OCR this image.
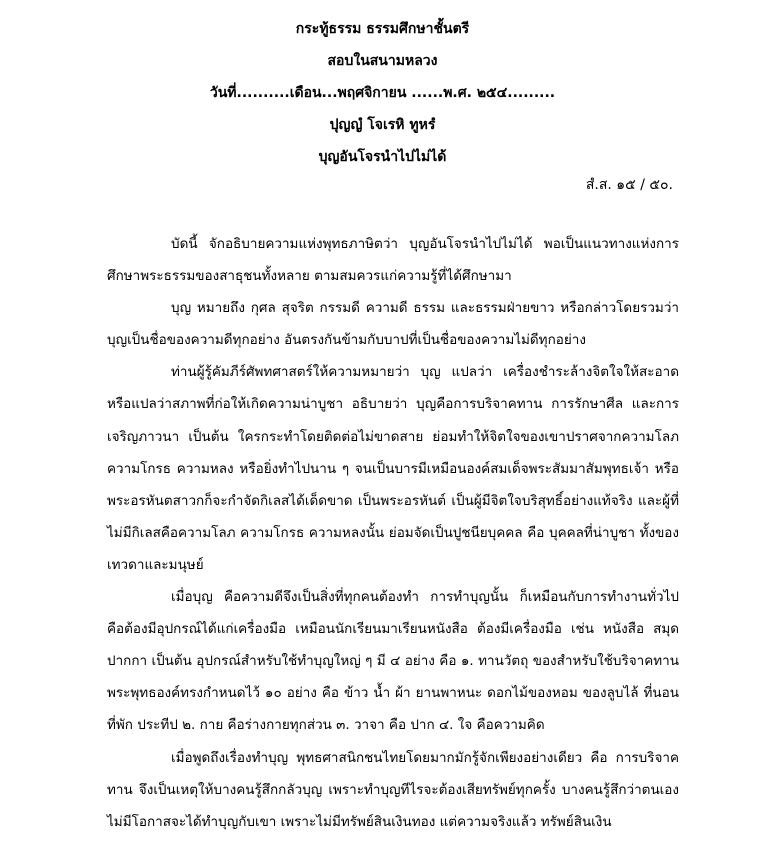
กระทู้ธรรม ธรรมศึกษาชั้นตรี
สอบในสนามหลวง
วันที่..........เดือน...พฤศจิกายน ......พ.ศ. ๒๕๔.........
ปุญญํ โจเรหิ ทูหรํ
บุญอันโจรนำไปไม่ได้
สํ.ส. ๑๕ / ๕๐.

บัดนี้ จักอธิบายความแห่งพุทธภาษิตว่า บุญอันโจรนำไปไม่ได้ พอเป็นแนวทางแห่งการศึกษาพระธรรมของสาธุชนทั้งหลาย ตามสมควรแก่ความรู้ที่ได้ศึกษามา

บุญ หมายถึง กุศล สุจริต กรรมดี ความดี ธรรม และธรรมฝ่ายขาว หรือกล่าวโดยรวมว่า บุญเป็นชื่อของความดีทุกอย่าง อันตรงกันข้ามกับบาปที่เป็นชื่อของความไม่ดีทุกอย่าง

ท่านผู้รู้คัมภีร์ศัพทศาสตร์ให้ความหมายว่า บุญ แปลว่า เครื่องชำระล้างจิตใจให้สะอาด หรือแปลว่าสภาพที่ก่อให้เกิดความน่าบูชา อธิบายว่า บุญคือการบริจาคทาน การรักษาศีล และการเจริญภาวนา เป็นต้น ใครกระทำโดยติดต่อไม่ขาดสาย ย่อมทำให้จิตใจของเขาปราศจากความโลภ ความโกรธ ความหลง หรือยิ่งทำไปนาน ๆ จนเป็นบารมีเหมือนองค์สมเด็จพระสัมมาสัมพุทธเจ้า หรือพระอรหันตสาวกก็จะกำจัดกิเลสได้เด็ดขาด เป็นพระอรหันต์ เป็นผู้มีจิตใจบริสุทธิ์อย่างแท้จริง และผู้ที่ไม่มีกิเลสคือความโลภ ความโกรธ ความหลงนั้น ย่อมจัดเป็นปูชนียบุคคล คือ บุคคลที่น่าบูชา ทั้งของเทวดาและมนุษย์

เมื่อบุญ คือความดีจึงเป็นสิ่งที่ทุกคนต้องทำ การทำบุญนั้น ก็เหมือนกับการทำงานทั่วไป คือต้องมีอุปกรณ์ได้แก่เครื่องมือ เหมือนนักเรียนมาเรียนหนังสือ ต้องมีเครื่องมือ เช่น หนังสือ สมุด ปากกา เป็นต้น อุปกรณ์สำหรับใช้ทำบุญใหญ่ ๆ มี ๔ อย่าง คือ ๑. ทานวัตถุ ของสำหรับใช้บริจาคทาน พระพุทธองค์ทรงกำหนดไว้ ๑๐ อย่าง คือ ข้าว น้ำ ผ้า ยานพาหนะ ดอกไม้ของหอม ของลูบไล้ ที่นอน ที่พัก ประทีป ๒. กาย คือร่างกายทุกส่วน ๓. วาจา คือ ปาก ๔. ใจ คือความคิด

เมื่อพูดถึงเรื่องทำบุญ พุทธศาสนิกชนไทยโดยมากมักรู้จักเพียงอย่างเดียว คือ การบริจาคทาน จึงเป็นเหตุให้บางคนรู้สึกกลัวบุญ เพราะทำบุญทีไรจะต้องเสียทรัพย์ทุกครั้ง บางคนรู้สึกว่าตนเองไม่มีโอกาสจะได้ทำบุญกับเขา เพราะไม่มีทรัพย์สินเงินทอง แต่ความจริงแล้ว ทรัพย์สินเงิน
